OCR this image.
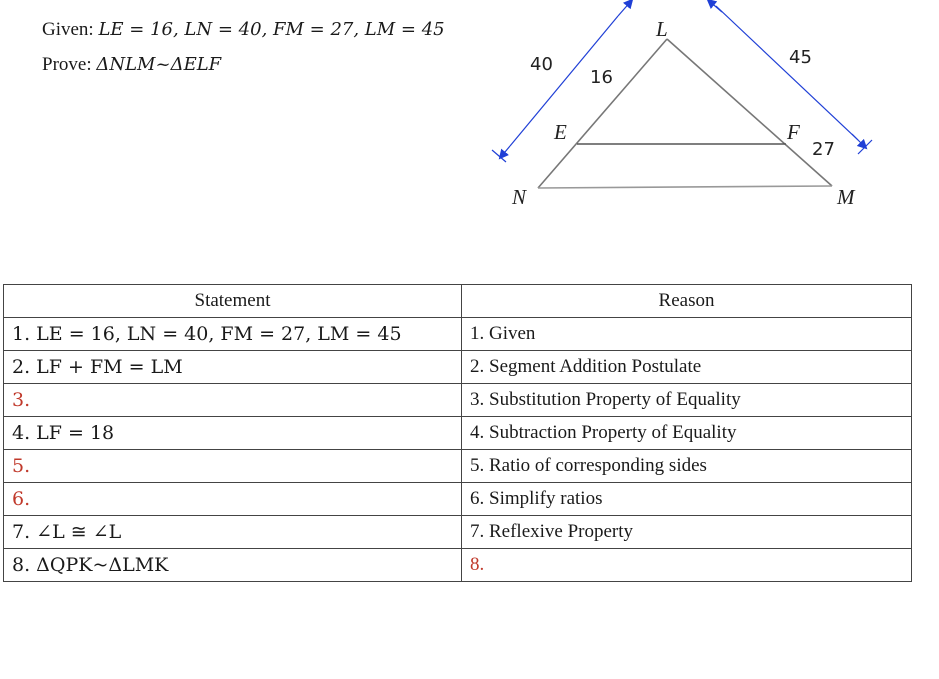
Given: LE = 16, LN = 40, FM = 27, LM = 45
Prove: ΔNLM~ΔELF
L
E	F
N	M
40
16
45
27
Statement	Reason
1. LE = 16, LN = 40, FM = 27, LM = 45	1. Given
2. LF + FM = LM	2. Segment Addition Postulate
3.	3. Substitution Property of Equality
4. LF = 18	4. Subtraction Property of Equality
5.	5. Ratio of corresponding sides
6.	6. Simplify ratios
7. ∠L ≅ ∠L	7. Reflexive Property
8. ΔQPK~ΔLMK	8.
